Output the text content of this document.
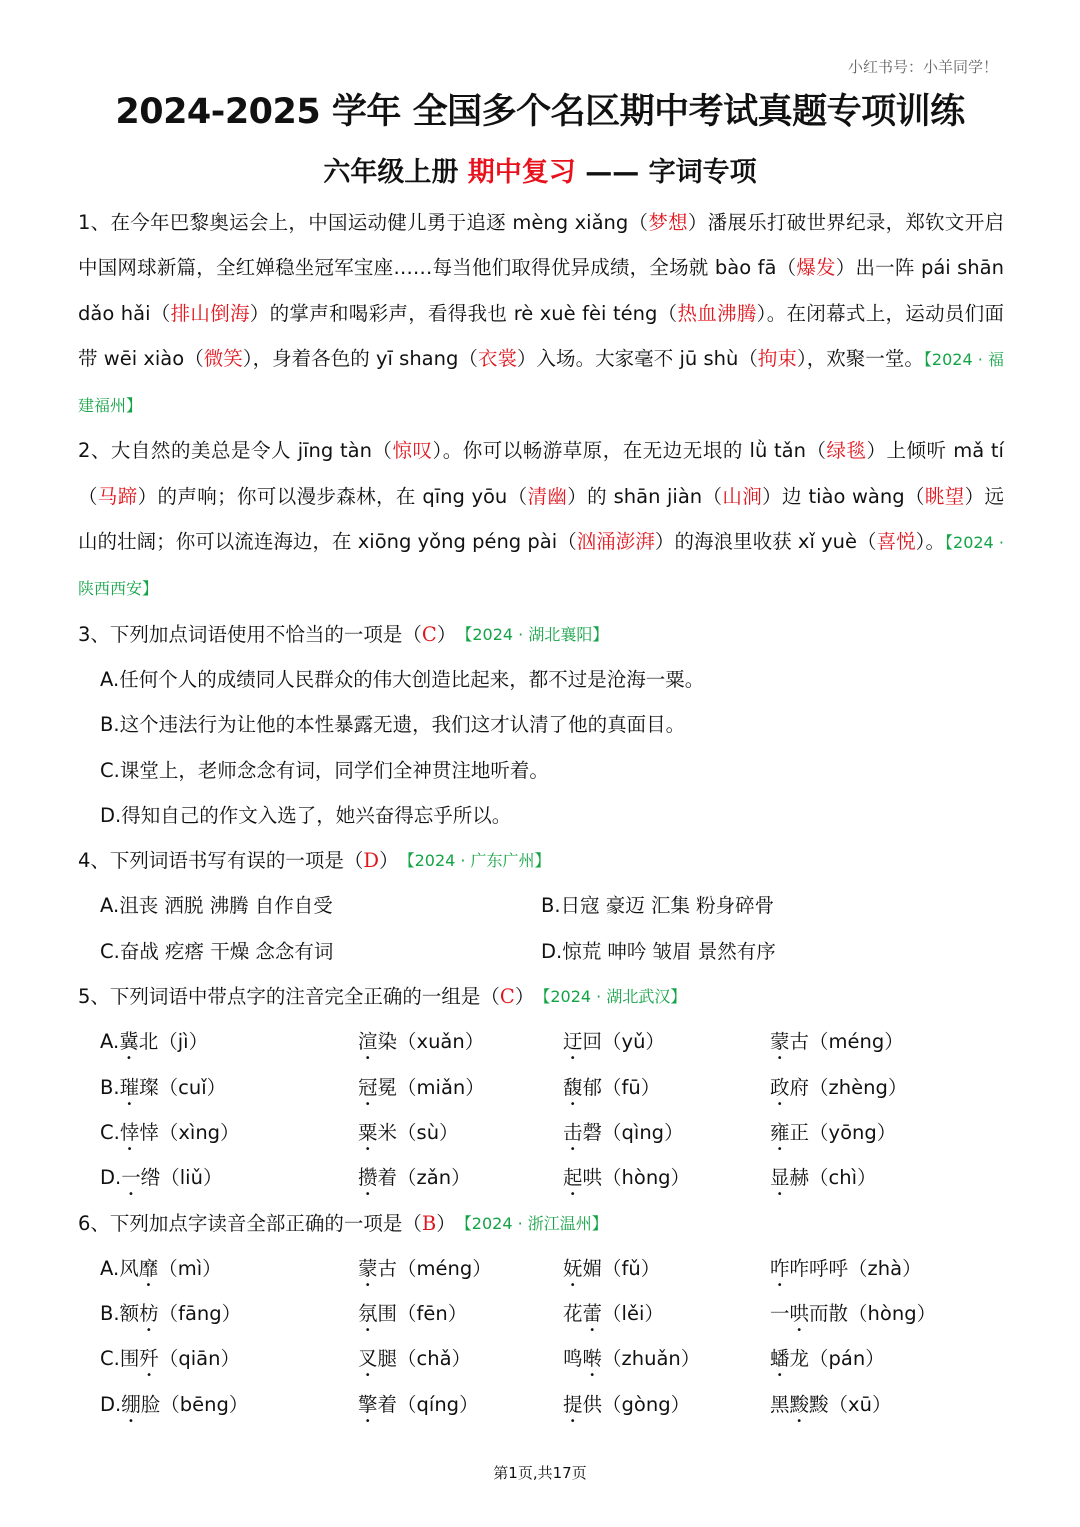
小红书号：小羊同学！
2024-2025 学年 全国多个名区期中考试真题专项训练
六年级上册 期中复习 —— 字词专项
1、在今年巴黎奥运会上，中国运动健儿勇于追逐 mèng xiǎng（梦想）潘展乐打破世界纪录，郑钦文开启中国网球新篇，全红婵稳坐冠军宝座……每当他们取得优异成绩，全场就 bào fā（爆发）出一阵 pái shān dǎo hǎi（排山倒海）的掌声和喝彩声，看得我也 rè xuè fèi téng（热血沸腾）。在闭幕式上，运动员们面带 wēi xiào（微笑），身着各色的 yī shang（衣裳）入场。大家毫不 jū shù（拘束），欢聚一堂。【2024 · 福建福州】
2、大自然的美总是令人 jīng tàn（惊叹）。你可以畅游草原，在无边无垠的 lǜ tǎn（绿毯）上倾听 mǎ tí（马蹄）的声响；你可以漫步森林，在 qīng yōu（清幽）的 shān jiàn（山涧）边 tiào wàng（眺望）远山的壮阔；你可以流连海边，在 xiōng yǒng péng pài（汹涌澎湃）的海浪里收获 xǐ yuè（喜悦）。【2024 · 陕西西安】
3、下列加点词语使用不恰当的一项是（ C ） 【2024 · 湖北襄阳】
A.任何个人的成绩同人民群众的伟大创造比起来，都不过是沧海一粟。
B.这个违法行为让他的本性暴露无遗，我们这才认清了他的真面目。
C.课堂上，老师念念有词，同学们全神贯注地听着。
D.得知自己的作文入选了，她兴奋得忘乎所以。
4、下列词语书写有误的一项是（ D ） 【2024 · 广东广州】
A.沮丧 洒脱 沸腾 自作自受	B.日寇 豪迈 汇集 粉身碎骨
C.奋战 疙瘩 干燥 念念有词	D.惊荒 呻吟 皱眉 景然有序
5、下列词语中带点字的注音完全正确的一组是（ C ） 【2024 · 湖北武汉】
A.冀北（jì）	渲染（xuǎn）	迂回（yǔ）	蒙古（méng）
B.璀璨（cuǐ）	冠冕（miǎn）	馥郁（fū）	政府（zhèng）
C.悻悻（xìng）	粟米（sù）	击磬（qìng）	雍正（yōng）
D.一绺（liǔ）	攒着（zǎn）	起哄（hòng）	显赫（chì）
6、下列加点字读音全部正确的一项是（ B ） 【2024 · 浙江温州】
A.风靡（mì）	蒙古（méng）	妩媚（fǔ）	咋咋呼呼（zhà）
B.额枋（fāng）	氛围（fēn）	花蕾（lěi）	一哄而散（hòng）
C.围歼（qiān）	叉腿（chǎ）	鸣啭（zhuǎn）	蟠龙（pán）
D.绷脸（bēng）	擎着（qíng）	提供（gòng）	黑黢黢（xū）
第1页,共17页
